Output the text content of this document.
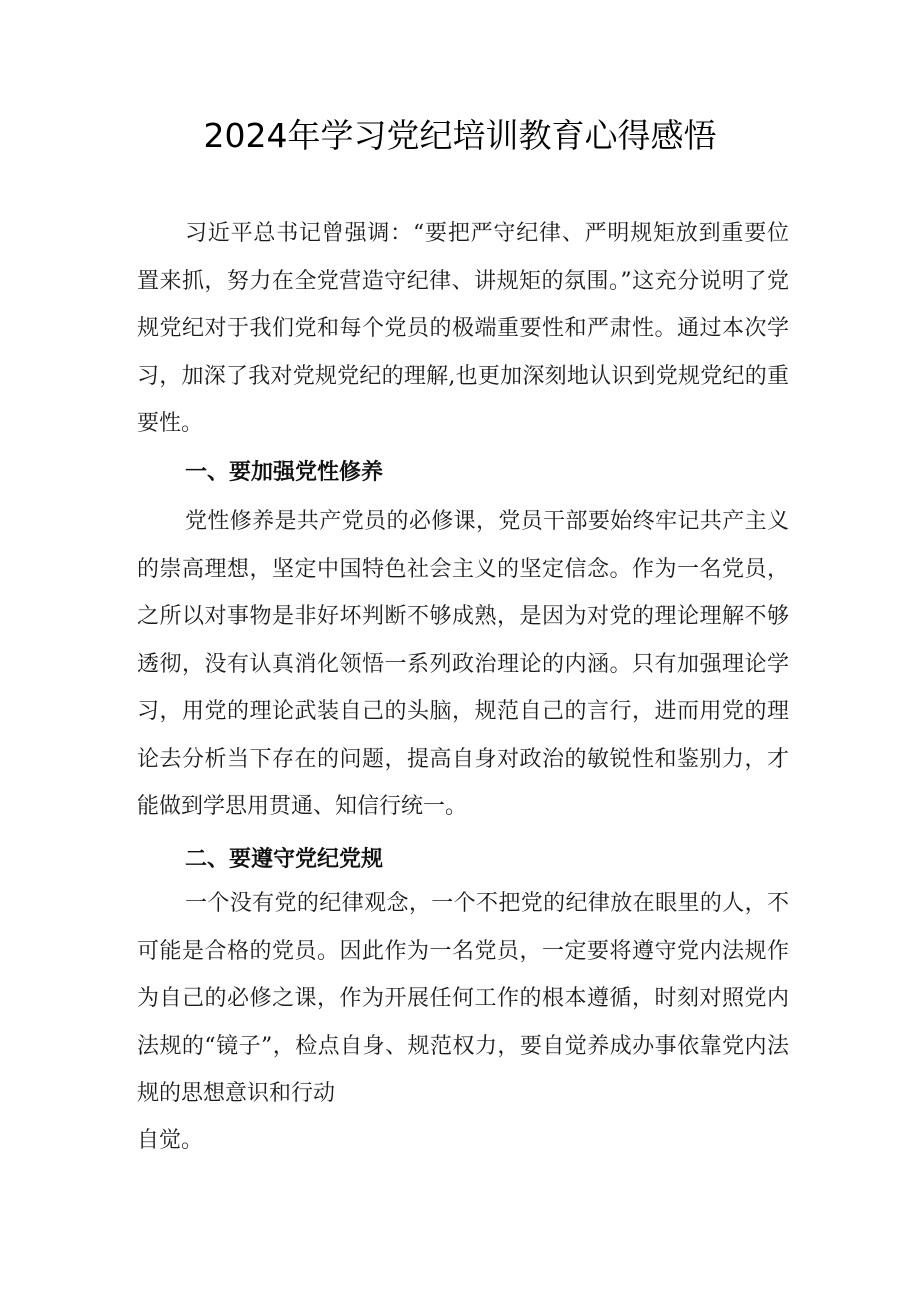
2024年学习党纪培训教育心得感悟

习近平总书记曾强调：“要把严守纪律、严明规矩放到重要位置来抓，努力在全党营造守纪律、讲规矩的氛围。”这充分说明了党规党纪对于我们党和每个党员的极端重要性和严肃性。通过本次学习，加深了我对党规党纪的理解,也更加深刻地认识到党规党纪的重要性。

一、要加强党性修养

党性修养是共产党员的必修课，党员干部要始终牢记共产主义的崇高理想，坚定中国特色社会主义的坚定信念。作为一名党员，之所以对事物是非好坏判断不够成熟，是因为对党的理论理解不够透彻，没有认真消化领悟一系列政治理论的内涵。只有加强理论学习，用党的理论武装自己的头脑，规范自己的言行，进而用党的理论去分析当下存在的问题，提高自身对政治的敏锐性和鉴别力，才能做到学思用贯通、知信行统一。

二、要遵守党纪党规

一个没有党的纪律观念，一个不把党的纪律放在眼里的人，不可能是合格的党员。因此作为一名党员，一定要将遵守党内法规作为自己的必修之课，作为开展任何工作的根本遵循，时刻对照党内法规的“镜子”，检点自身、规范权力，要自觉养成办事依靠党内法规的思想意识和行动

自觉。
